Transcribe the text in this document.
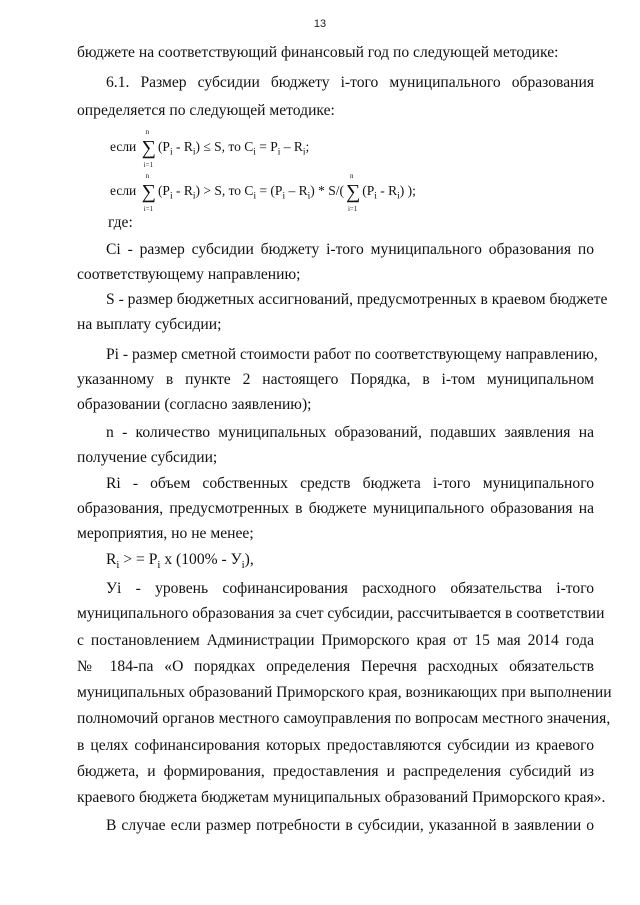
13
бюджете на соответствующий финансовый год по следующей методике:
6.1. Размер субсидии бюджету i-того муниципального образования
определяется по следующей методике:
если ∑
n
i=1
$(P_i - R_i) \le S$, то $C_i = P_i - R_i$;
если ∑
n
i=1
$(P_i - R_i) > S$, то $C_i = (P_i - R_i) * S/$( ∑
n
i=1
$(P_i - R_i)$ );
где:
Сi - размер субсидии бюджету i-того муниципального образования по
соответствующему направлению;
S - размер бюджетных ассигнований, предусмотренных в краевом бюджете
на выплату субсидии;
Pi - размер сметной стоимости работ по соответствующему направлению,
указанному в пункте 2 настоящего Порядка, в i-том муниципальном
образовании (согласно заявлению);
n - количество муниципальных образований, подавших заявления на
получение субсидии;
Ri - объем собственных средств бюджета i-того муниципального
образования, предусмотренных в бюджете муниципального образования на
мероприятия, но не менее;
$R_i$ > = $P_i$ x $(100\% - У_i)$,
Уi - уровень софинансирования расходного обязательства i-того
муниципального образования за счет субсидии, рассчитывается в соответствии
с постановлением Администрации Приморского края от 15 мая 2014 года
№ 184-па «О порядках определения Перечня расходных обязательств
муниципальных образований Приморского края, возникающих при выполнении
полномочий органов местного самоуправления по вопросам местного значения,
в целях софинансирования которых предоставляются субсидии из краевого
бюджета, и формирования, предоставления и распределения субсидий из
краевого бюджета бюджетам муниципальных образований Приморского края».
В случае если размер потребности в субсидии, указанной в заявлении о
